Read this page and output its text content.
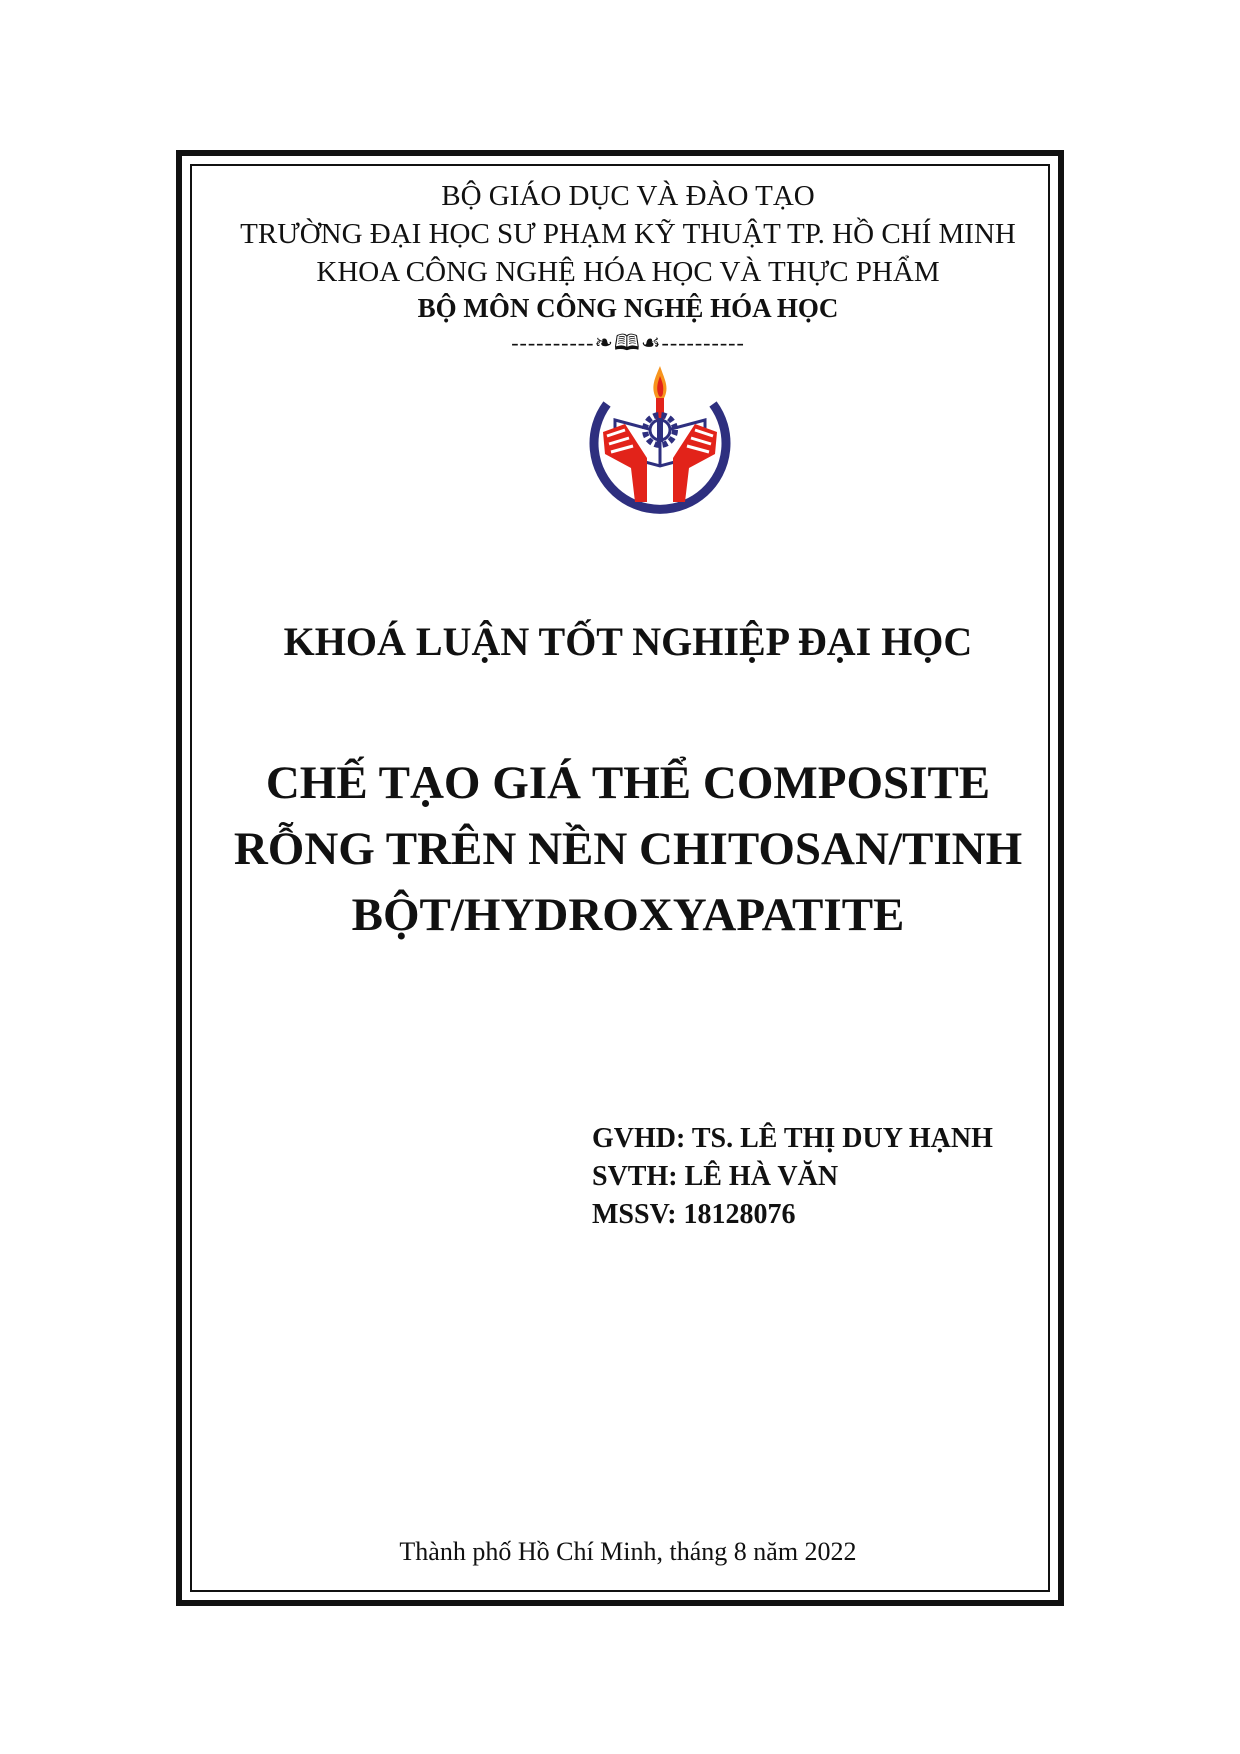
BỘ GIÁO DỤC VÀ ĐÀO TẠO
TRƯỜNG ĐẠI HỌC SƯ PHẠM KỸ THUẬT TP. HỒ CHÍ MINH
KHOA CÔNG NGHỆ HÓA HỌC VÀ THỰC PHẨM
BỘ MÔN CÔNG NGHỆ HÓA HỌC
----------❧🕮☙----------
KHOÁ LUẬN TỐT NGHIỆP ĐẠI HỌC
CHẾ TẠO GIÁ THỂ COMPOSITE
RỖNG TRÊN NỀN CHITOSAN/TINH
BỘT/HYDROXYAPATITE
GVHD: TS. LÊ THỊ DUY HẠNH
SVTH: LÊ HÀ VĂN
MSSV: 18128076
Thành phố Hồ Chí Minh, tháng 8 năm 2022
